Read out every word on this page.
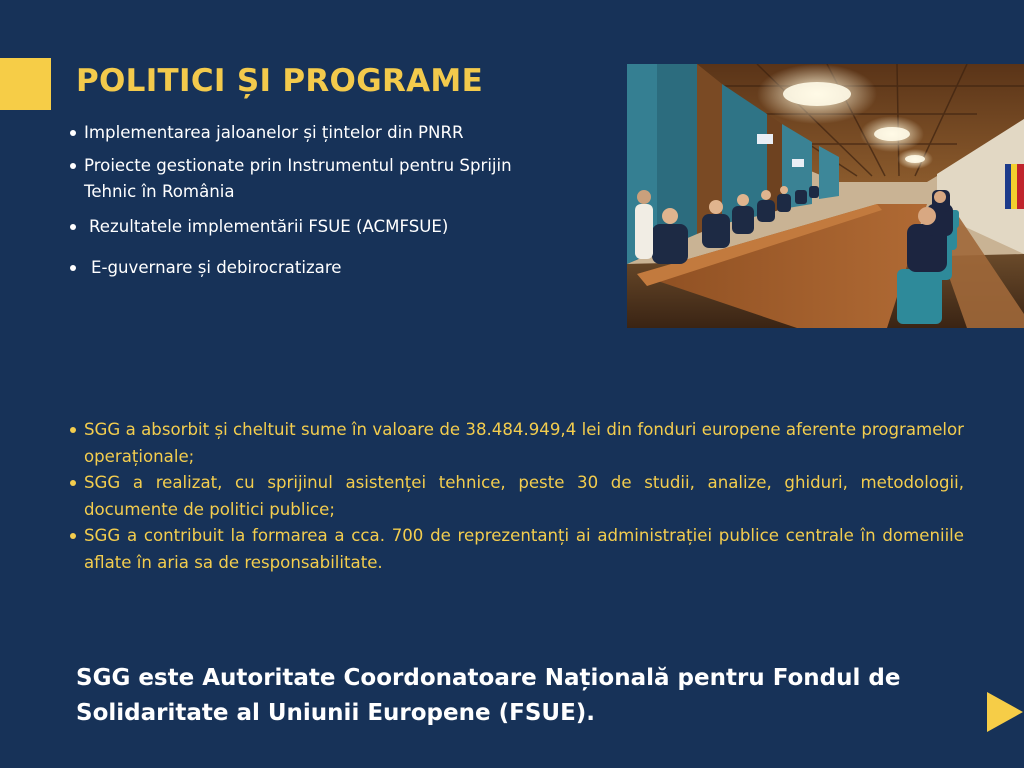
POLITICI ȘI PROGRAME
Implementarea jaloanelor și țintelor din PNRR
Proiecte gestionate prin Instrumentul pentru Sprijin Tehnic în România
Rezultatele implementării FSUE (ACMFSUE)
E-guvernare și debirocratizare
SGG a absorbit și cheltuit sume în valoare de 38.484.949,4 lei din fonduri europene aferente programelor operaționale;
SGG a realizat, cu sprijinul asistenței tehnice, peste 30 de studii, analize, ghiduri, metodologii, documente de politici publice;
SGG a contribuit la formarea a cca. 700 de reprezentanți ai administrației publice centrale în domeniile aflate în aria sa de responsabilitate.

SGG este Autoritate Coordonatoare Națională pentru Fondul de Solidaritate al Uniunii Europene (FSUE).
